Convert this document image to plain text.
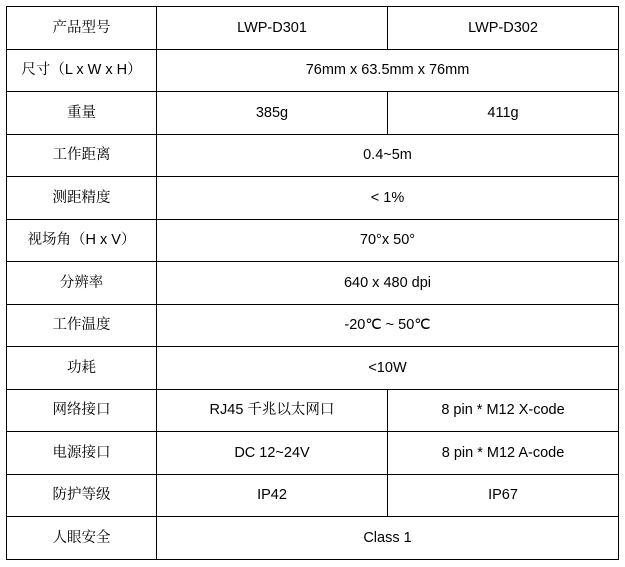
产品型号	LWP-D301	LWP-D302
尺寸（L x W x H）	76mm x 63.5mm x 76mm	
重量	385g	411g
工作距离	0.4~5m	
测距精度	< 1%	
视场角（H x V）	70°x 50°	
分辨率	640 x 480 dpi	
工作温度	-20℃ ~ 50℃	
功耗	<10W	
网络接口	RJ45 千兆以太网口	8 pin * M12 X-code
电源接口	DC 12~24V	8 pin * M12 A-code
防护等级	IP42	IP67
人眼安全	Class 1	
